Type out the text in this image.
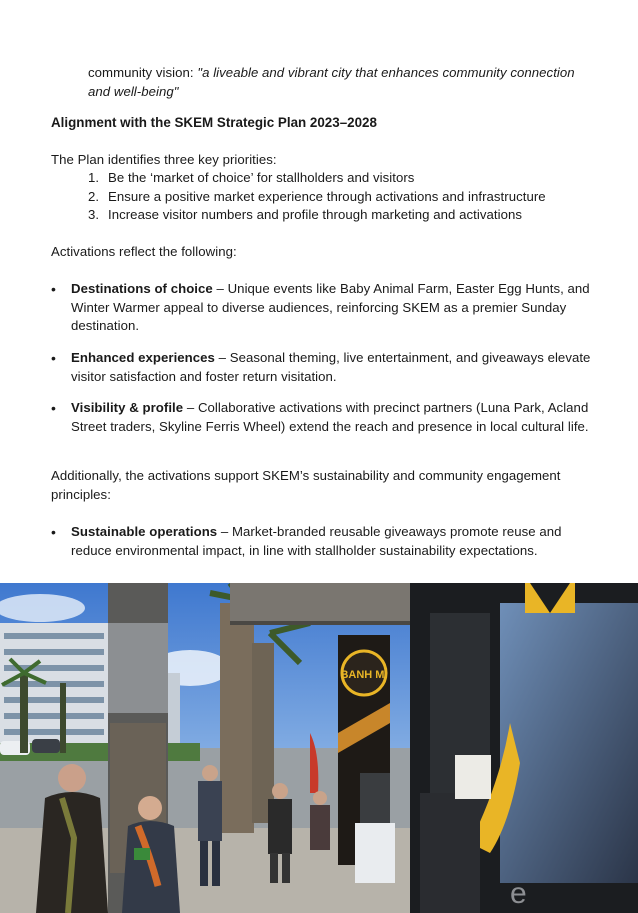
community vision: "a liveable and vibrant city that enhances community connection and well-being"
Alignment with the SKEM Strategic Plan 2023–2028
The Plan identifies three key priorities:
1. Be the ‘market of choice’ for stallholders and visitors
2. Ensure a positive market experience through activations and infrastructure
3. Increase visitor numbers and profile through marketing and activations
Activations reflect the following:
• Destinations of choice – Unique events like Baby Animal Farm, Easter Egg Hunts, and Winter Warmer appeal to diverse audiences, reinforcing SKEM as a premier Sunday destination.
• Enhanced experiences – Seasonal theming, live entertainment, and giveaways elevate visitor satisfaction and foster return visitation.
• Visibility & profile – Collaborative activations with precinct partners (Luna Park, Acland Street traders, Skyline Ferris Wheel) extend the reach and presence in local cultural life.
Additionally, the activations support SKEM’s sustainability and community engagement principles:
• Sustainable operations – Market-branded reusable giveaways promote reuse and reduce environmental impact, in line with stallholder sustainability expectations.
BANH MI
e
